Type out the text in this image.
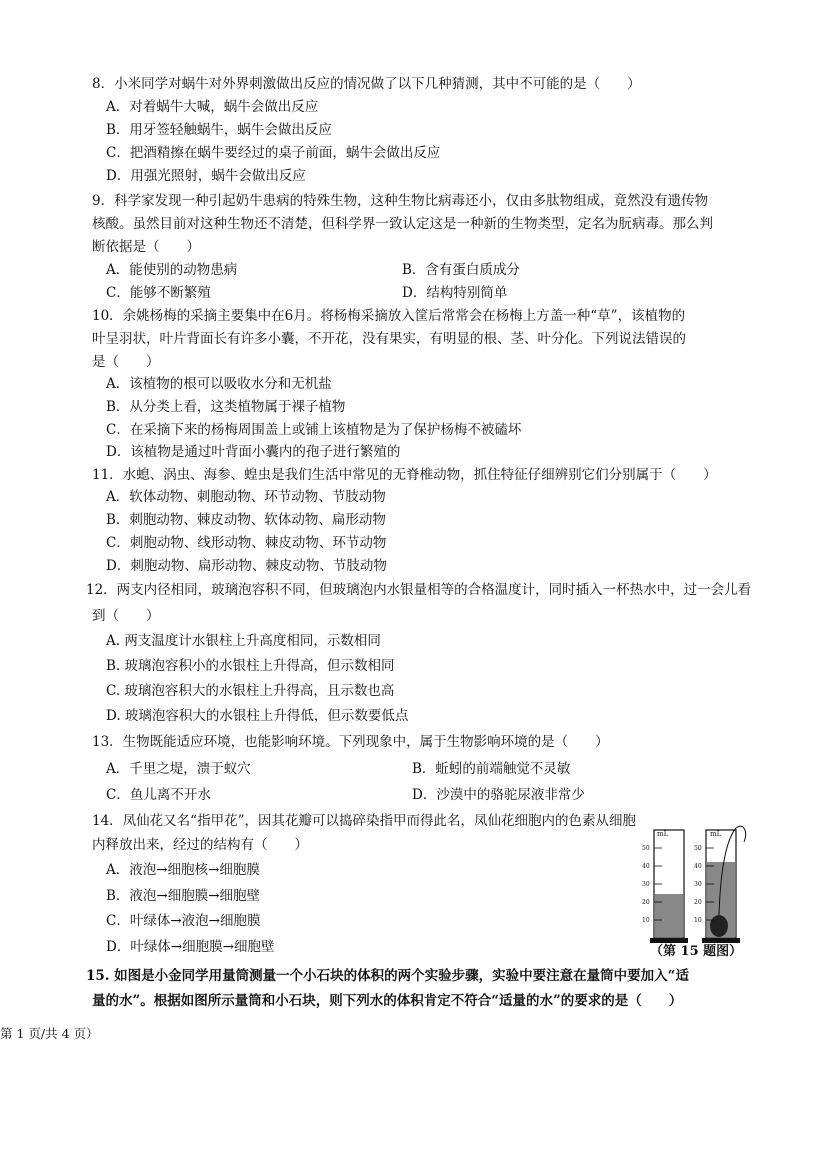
8．小米同学对蜗牛对外界刺激做出反应的情况做了以下几种猜测，其中不可能的是（　　）
A．对着蜗牛大喊，蜗牛会做出反应
B．用牙签轻触蜗牛，蜗牛会做出反应
C．把酒精擦在蜗牛要经过的桌子前面，蜗牛会做出反应
D．用强光照射，蜗牛会做出反应
9．科学家发现一种引起奶牛患病的特殊生物，这种生物比病毒还小，仅由多肽物组成，竟然没有遗传物
核酸。虽然目前对这种生物还不清楚，但科学界一致认定这是一种新的生物类型，定名为朊病毒。那么判
断依据是（　　）
A．能使别的动物患病	B．含有蛋白质成分
C．能够不断繁殖	D．结构特别简单
10．余姚杨梅的采摘主要集中在6月。将杨梅采摘放入筐后常常会在杨梅上方盖一种“草”，该植物的
叶呈羽状，叶片背面长有许多小囊，不开花，没有果实，有明显的根、茎、叶分化。下列说法错误的
是（　　）
A．该植物的根可以吸收水分和无机盐
B．从分类上看，这类植物属于裸子植物
C．在采摘下来的杨梅周围盖上或铺上该植物是为了保护杨梅不被磕坏
D．该植物是通过叶背面小囊内的孢子进行繁殖的
11．水螅、涡虫、海参、蝗虫是我们生活中常见的无脊椎动物，抓住特征仔细辨别它们分别属于（　　）
A．软体动物、刺胞动物、环节动物、节肢动物
B．刺胞动物、棘皮动物、软体动物、扁形动物
C．刺胞动物、线形动物、棘皮动物、环节动物
D．刺胞动物、扁形动物、棘皮动物、节肢动物
12．两支内径相同，玻璃泡容积不同，但玻璃泡内水银量相等的合格温度计，同时插入一杯热水中，过一会儿看
到（　　）
A. 两支温度计水银柱上升高度相同，示数相同
B. 玻璃泡容积小的水银柱上升得高，但示数相同
C. 玻璃泡容积大的水银柱上升得高，且示数也高
D. 玻璃泡容积大的水银柱上升得低，但示数要低点
13．生物既能适应环境，也能影响环境。下列现象中，属于生物影响环境的是（　　）
A．千里之堤，溃于蚁穴	B．蚯蚓的前端触觉不灵敏
C．鱼儿离不开水	D．沙漠中的骆驼尿液非常少
14．凤仙花又名“指甲花”，因其花瓣可以捣碎染指甲而得此名，凤仙花细胞内的色素从细胞
内释放出来，经过的结构有（　　）
A．液泡→细胞核→细胞膜
B．液泡→细胞膜→细胞壁
C．叶绿体→液泡→细胞膜
D．叶绿体→细胞膜→细胞壁
mL
50
40
30
20
10
mL
50
40
30
20
10
（第 15 题图）
15. 如图是小金同学用量筒测量一个小石块的体积的两个实验步骤，实验中要注意在量筒中要加入“适
量的水”。根据如图所示量筒和小石块，则下列水的体积肯定不符合“适量的水”的要求的是（　　）
第 1 页/共 4 页）
